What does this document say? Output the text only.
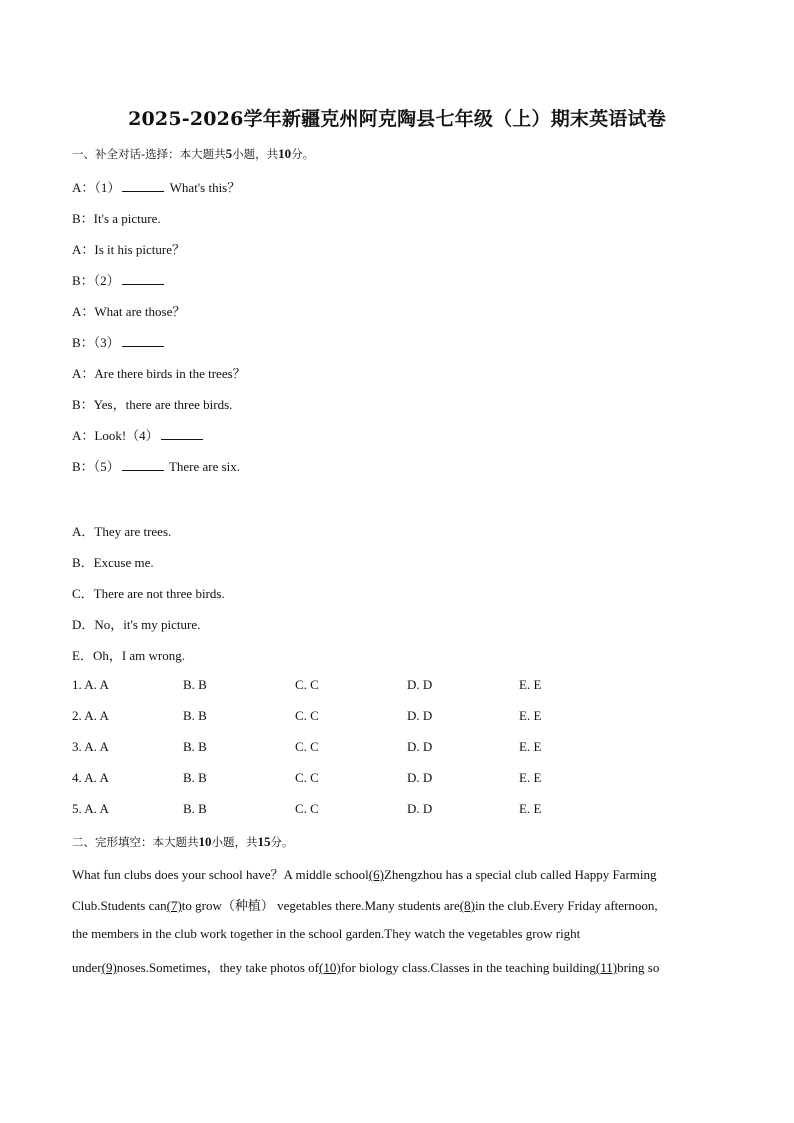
2025-2026学年新疆克州阿克陶县七年级（上）期末英语试卷
一、补全对话-选择：本大题共5小题，共10分。
A：（1）	What's this？
B：It's a picture.
A：Is it his picture？
B：（2）
A：What are those？
B：（3）
A：Are there birds in the trees？
B：Yes，there are three birds.
A：Look!（4）
B：（5）	There are six.
A．They are trees.
B．Excuse me.
C．There are not three birds.
D．No，it's my picture.
E．Oh，I am wrong.
1. A. A	B. B	C. C	D. D	E. E
2. A. A	B. B	C. C	D. D	E. E
3. A. A	B. B	C. C	D. D	E. E
4. A. A	B. B	C. C	D. D	E. E
5. A. A	B. B	C. C	D. D	E. E
二、完形填空：本大题共10小题，共15分。
What fun clubs does your school have？A middle school(6)Zhengzhou has a special club called Happy Farming
Club.Students can(7)to grow（种植） vegetables there.Many students are(8)in the club.Every Friday afternoon,
the members in the club work together in the school garden.They watch the vegetables grow right
under(9)noses.Sometimes，they take photos of(10)for biology class.Classes in the teaching building(11)bring so
